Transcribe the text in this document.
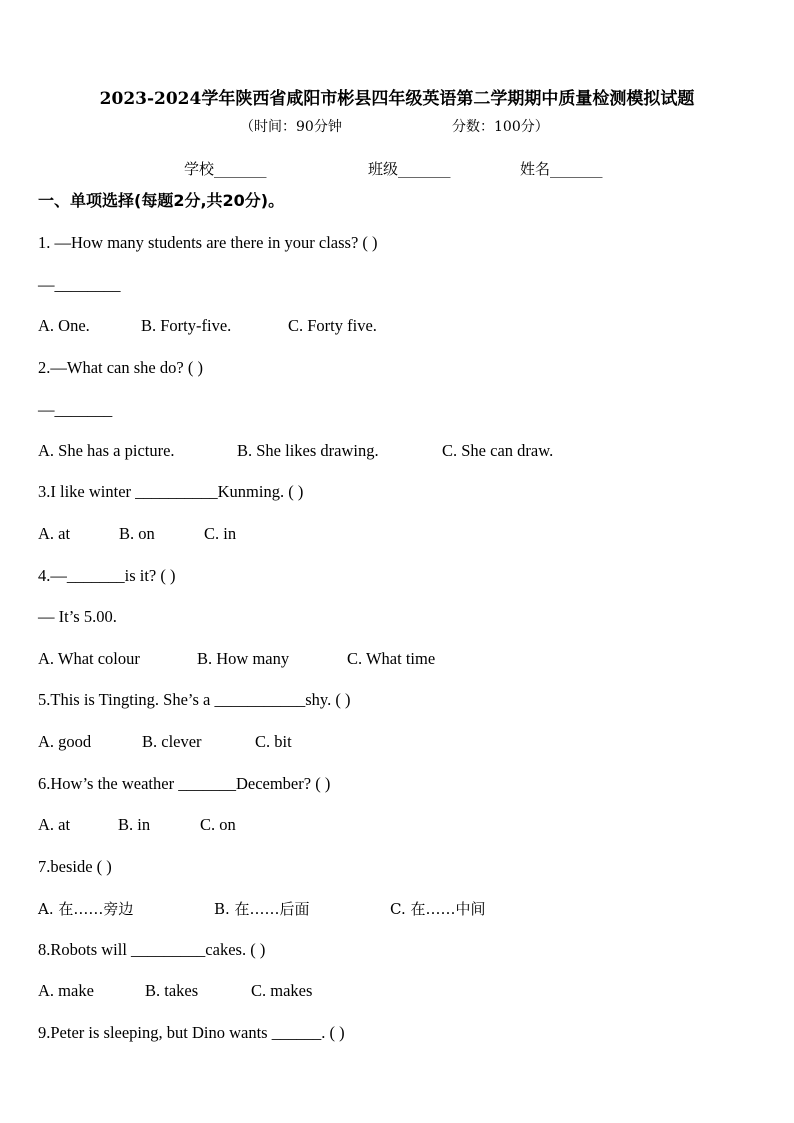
2023-2024学年陕西省咸阳市彬县四年级英语第二学期期中质量检测模拟试题
（时间：90分钟	分数：100分）
学校_______	班级_______	姓名_______
一、单项选择(每题2分,共20分)。
1. —How many students are there in your class? ( )
—________
A. One.	B. Forty-five.	C. Forty five.
2.—What can she do? ( )
—_______
A. She has a picture.	B. She likes drawing.	C. She can draw.
3.I like winter __________Kunming. ( )
A. at	B. on	C. in
4.—_______is it? ( )
— It’s 5.00.
A. What colour	B. How many	C. What time
5.This is Tingting. She’s a ___________shy. ( )
A. good	B. clever	C. bit
6.How’s the weather _______December? ( )
A. at	B. in	C. on
7.beside ( )
A. 在……旁边	B. 在……后面	C. 在……中间
8.Robots will _________cakes. ( )
A. make	B. takes	C. makes
9.Peter is sleeping, but Dino wants ______. ( )
